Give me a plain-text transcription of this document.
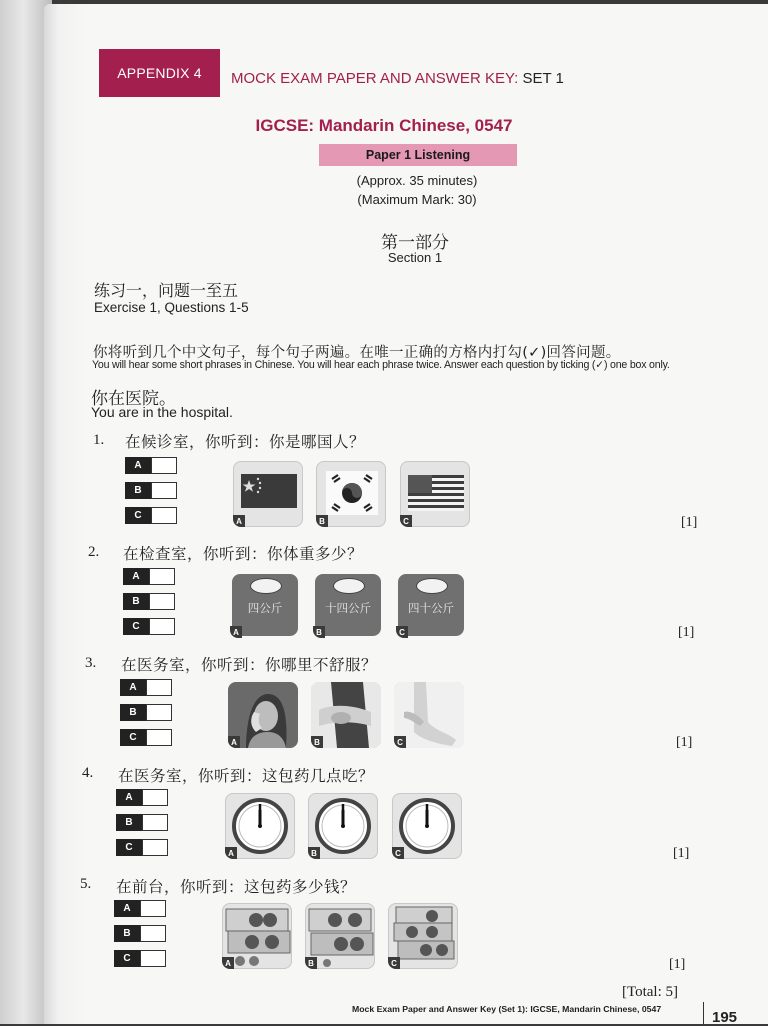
APPENDIX 4 MOCK EXAM PAPER AND ANSWER KEY: SET 1
IGCSE: Mandarin Chinese, 0547
Paper 1 Listening
(Approx. 35 minutes)
(Maximum Mark: 30)
第一部分
Section 1
练习一，问题一至五
Exercise 1, Questions 1-5
你将听到几个中文句子，每个句子两遍。在唯一正确的方格内打勾(✓)回答问题。
You will hear some short phrases in Chinese. You will hear each phrase twice. Answer each question by ticking (✓) one box only.
你在医院。
You are in the hospital.
1. 在候诊室，你听到：你是哪国人？
A
B
C	A	B	C	[1]
2. 在检查室，你听到：你体重多少？
A
B
C
四公斤
A
十四公斤
B
四十公斤
C	[1]
3. 在医务室，你听到：你哪里不舒服？
A
B
C	A	B	C	[1]
4. 在医务室，你听到：这包药几点吃？
A
B
C	A	B	C	[1]
5. 在前台，你听到：这包药多少钱？
A
B
C	A	B	C	[1]
[Total: 5]
Mock Exam Paper and Answer Key (Set 1): IGCSE, Mandarin Chinese, 0547	195
